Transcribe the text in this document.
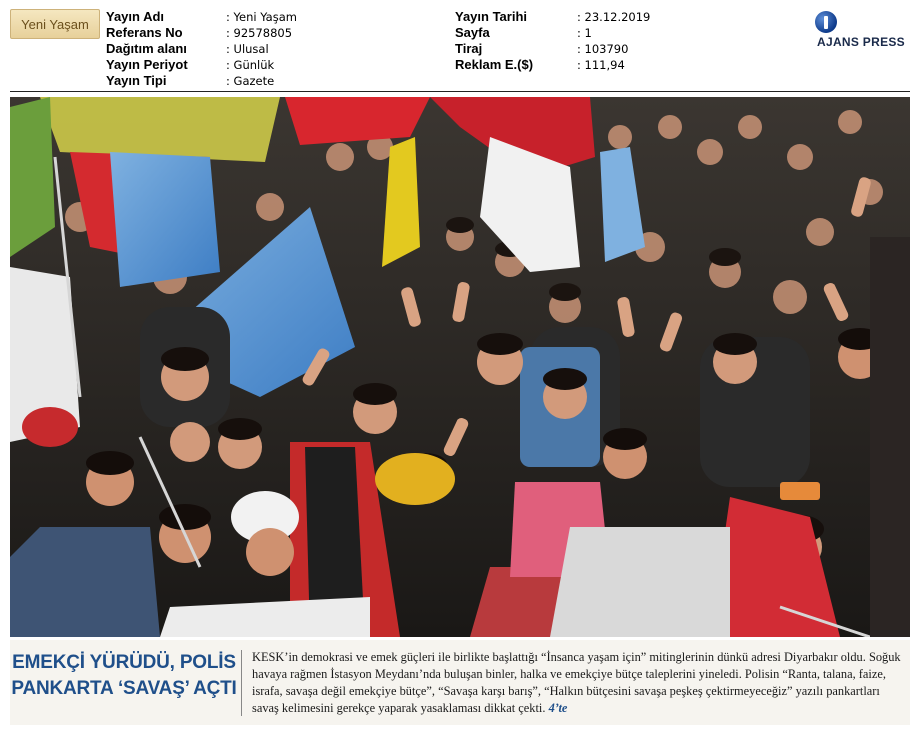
Yeni Yaşam Yayın Adı	: Yeni Yaşam
Referans No	: 92578805
Dağıtım alanı	: Ulusal
Yayın Periyot	: Günlük
Yayın Tipi	: Gazete
Yayın Tarihi	: 23.12.2019
Sayfa	: 1
Tiraj	: 103790
Reklam E.($)	: 111,94
AJANS PRESS
EMEKÇİ YÜRÜDÜ, POLİS PANKARTA ‘SAVAŞ’ AÇTI
KESK’in demokrasi ve emek güçleri ile birlikte başlattığı “İnsanca yaşam için” mitinglerinin dünkü adresi Diyarbakır oldu. Soğuk havaya rağmen İstasyon Meydanı’nda buluşan binler, halka ve emekçiye bütçe taleplerini yineledi. Polisin “Ranta, talana, faize, israfa, savaşa değil emekçiye bütçe”, “Savaşa karşı barış”, “Halkın bütçesini savaşa peşkeş çektirmeyeceğiz” yazılı pankartları savaş kelimesini gerekçe yaparak yasaklaması dikkat çekti. 4’te
